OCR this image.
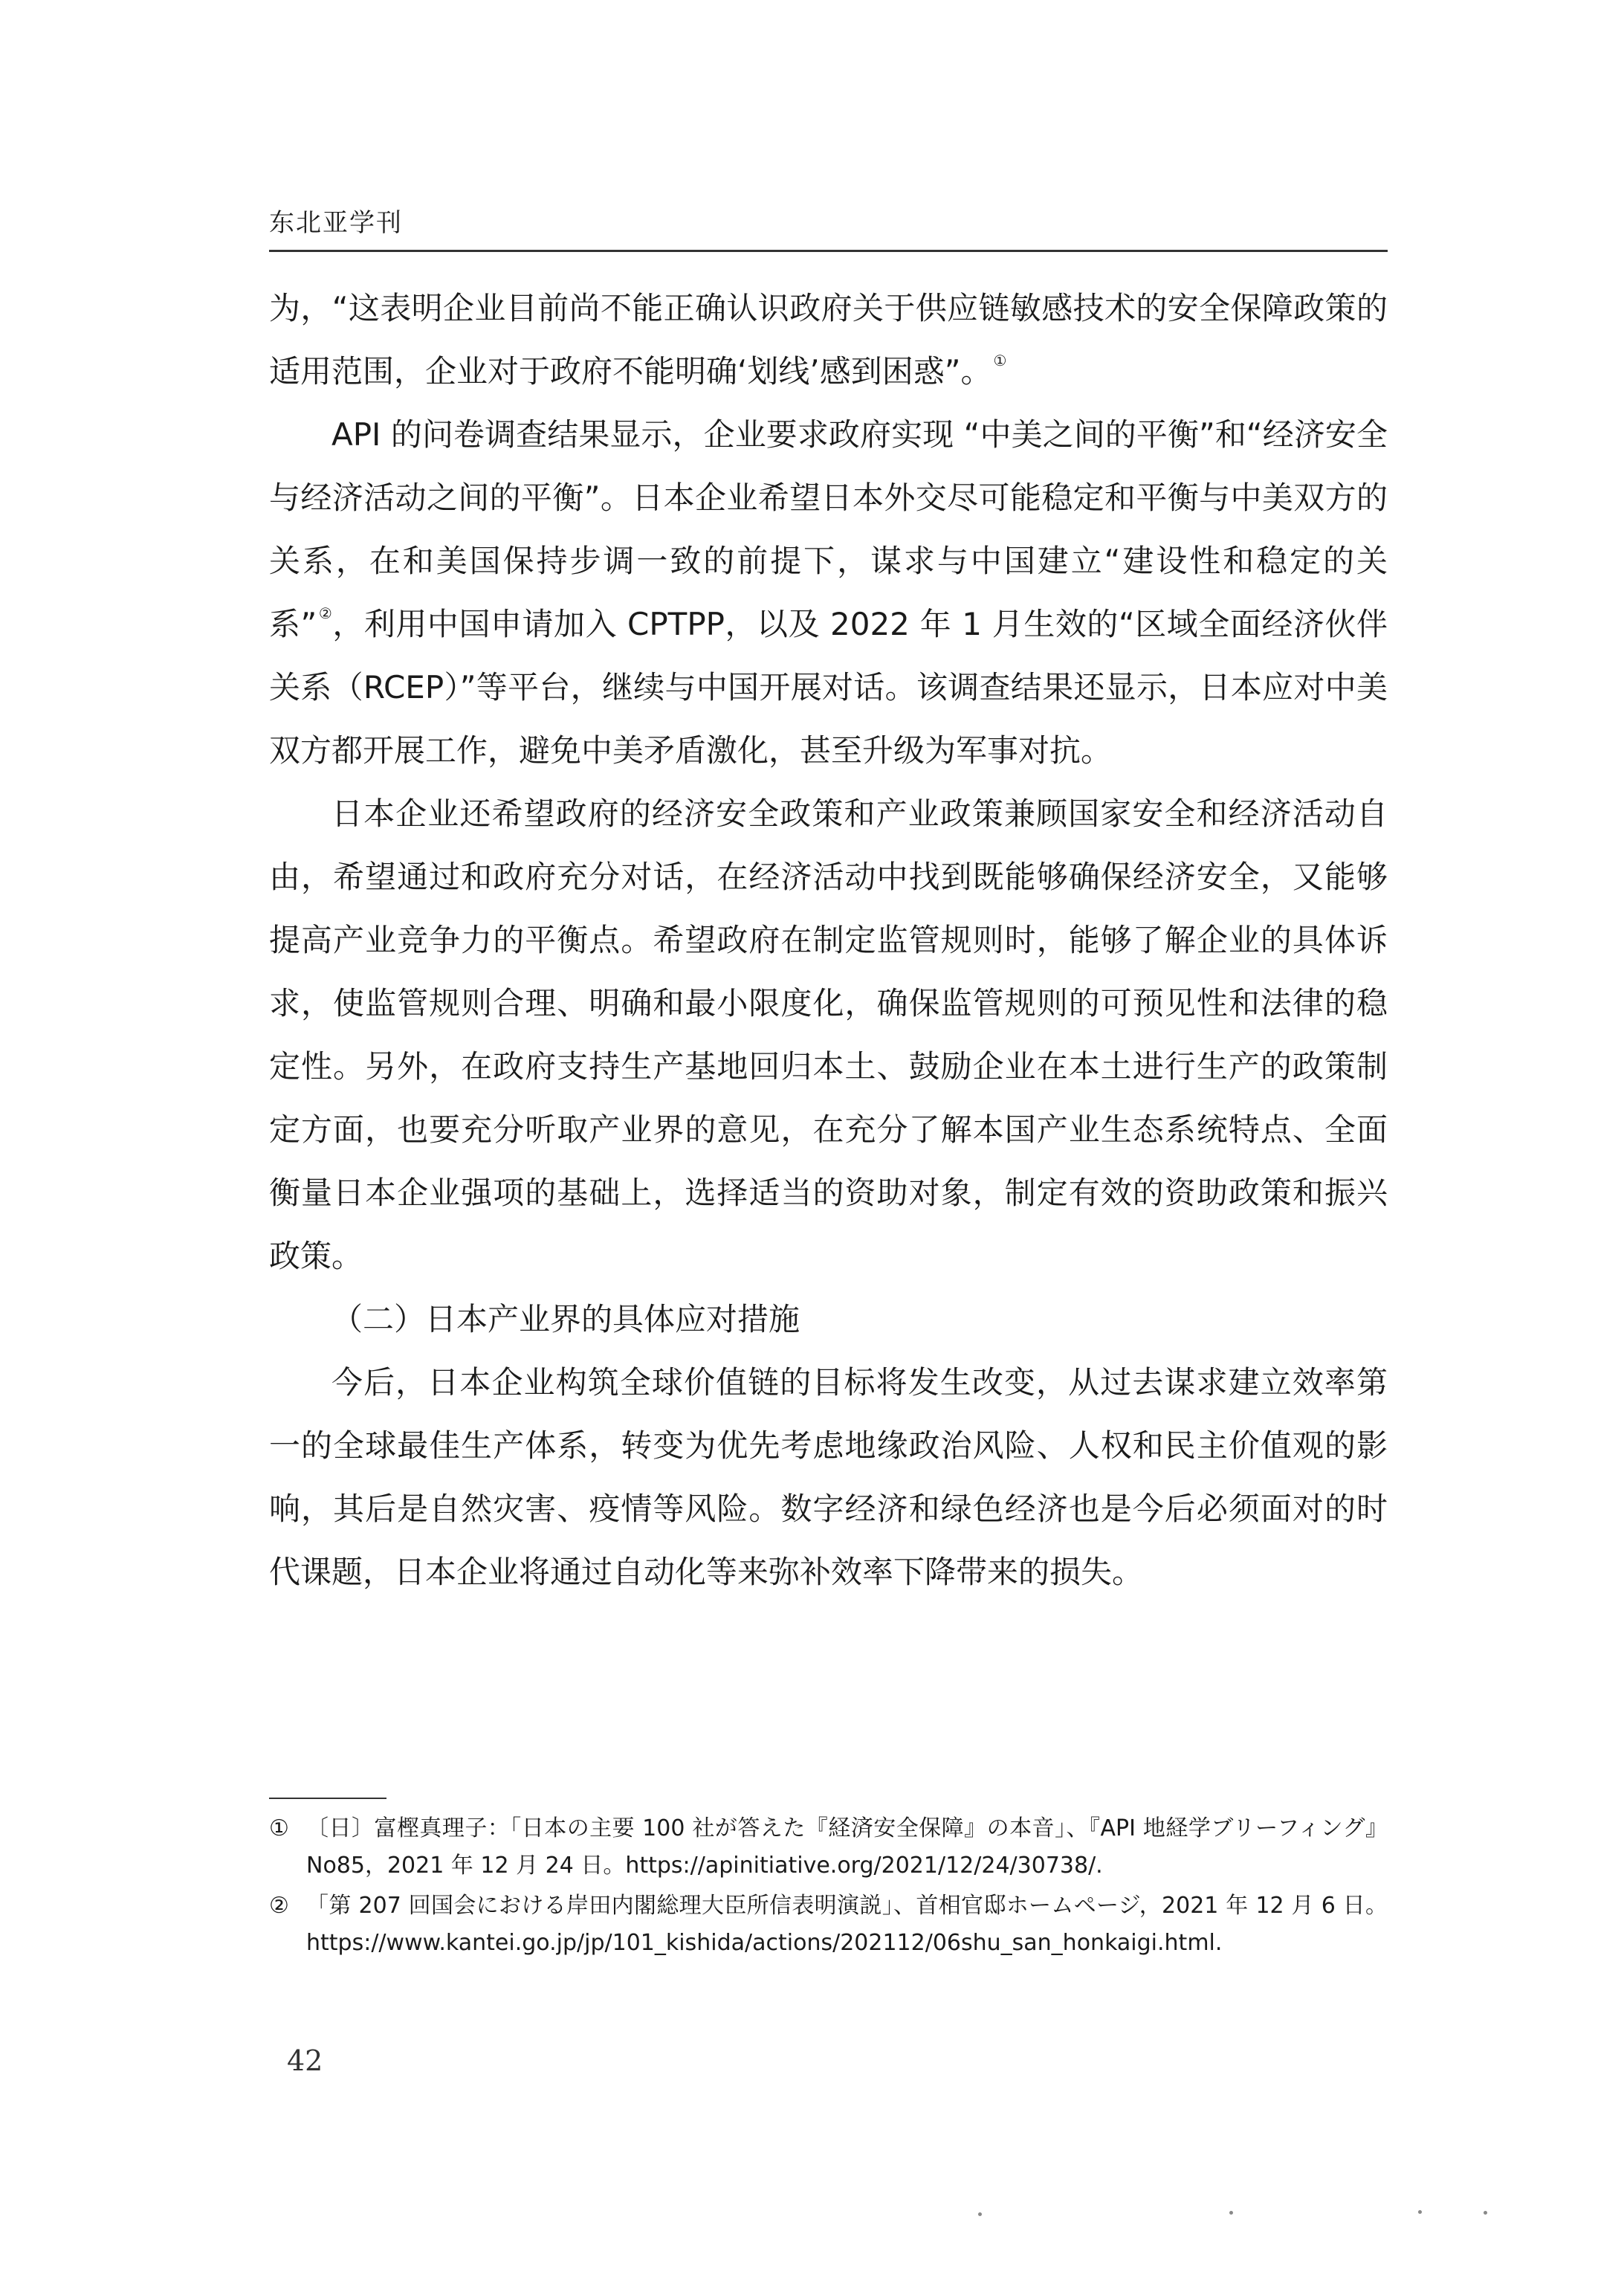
东北亚学刊

为，“这表明企业目前尚不能正确认识政府关于供应链敏感技术的安全保障政策的适用范围，企业对于政府不能明确‘划线’感到困惑”。 ①

API 的问卷调查结果显示，企业要求政府实现 “中美之间的平衡”和“经济安全与经济活动之间的平衡”。日本企业希望日本外交尽可能稳定和平衡与中美双方的关系，在和美国保持步调一致的前提下，谋求与中国建立“建设性和稳定的关系” ②，利用中国申请加入 CPTPP，以及 2022 年 1 月生效的“区域全面经济伙伴关系（RCEP）”等平台，继续与中国开展对话。该调查结果还显示，日本应对中美双方都开展工作，避免中美矛盾激化，甚至升级为军事对抗。

日本企业还希望政府的经济安全政策和产业政策兼顾国家安全和经济活动自由，希望通过和政府充分对话，在经济活动中找到既能够确保经济安全，又能够提高产业竞争力的平衡点。希望政府在制定监管规则时，能够了解企业的具体诉求，使监管规则合理、明确和最小限度化，确保监管规则的可预见性和法律的稳定性。另外，在政府支持生产基地回归本土、鼓励企业在本土进行生产的政策制定方面，也要充分听取产业界的意见，在充分了解本国产业生态系统特点、全面衡量日本企业强项的基础上，选择适当的资助对象，制定有效的资助政策和振兴政策。

（二）日本产业界的具体应对措施

今后，日本企业构筑全球价值链的目标将发生改变，从过去谋求建立效率第一的全球最佳生产体系，转变为优先考虑地缘政治风险、人权和民主价值观的影响，其后是自然灾害、疫情等风险。数字经济和绿色经济也是今后必须面对的时代课题，日本企业将通过自动化等来弥补效率下降带来的损失。

① 〔日〕富樫真理子：「日本の主要 100 社が答えた『経済安全保障』の本音」、『API 地経学ブリーフィング』No85，2021 年 12 月 24 日。https://apinitiative.org/2021/12/24/30738/.

② 「第 207 回国会における岸田内閣総理大臣所信表明演説」、首相官邸ホームページ，2021 年 12 月 6 日。https://www.kantei.go.jp/jp/101_kishida/actions/202112/06shu_san_honkaigi.html.

42
